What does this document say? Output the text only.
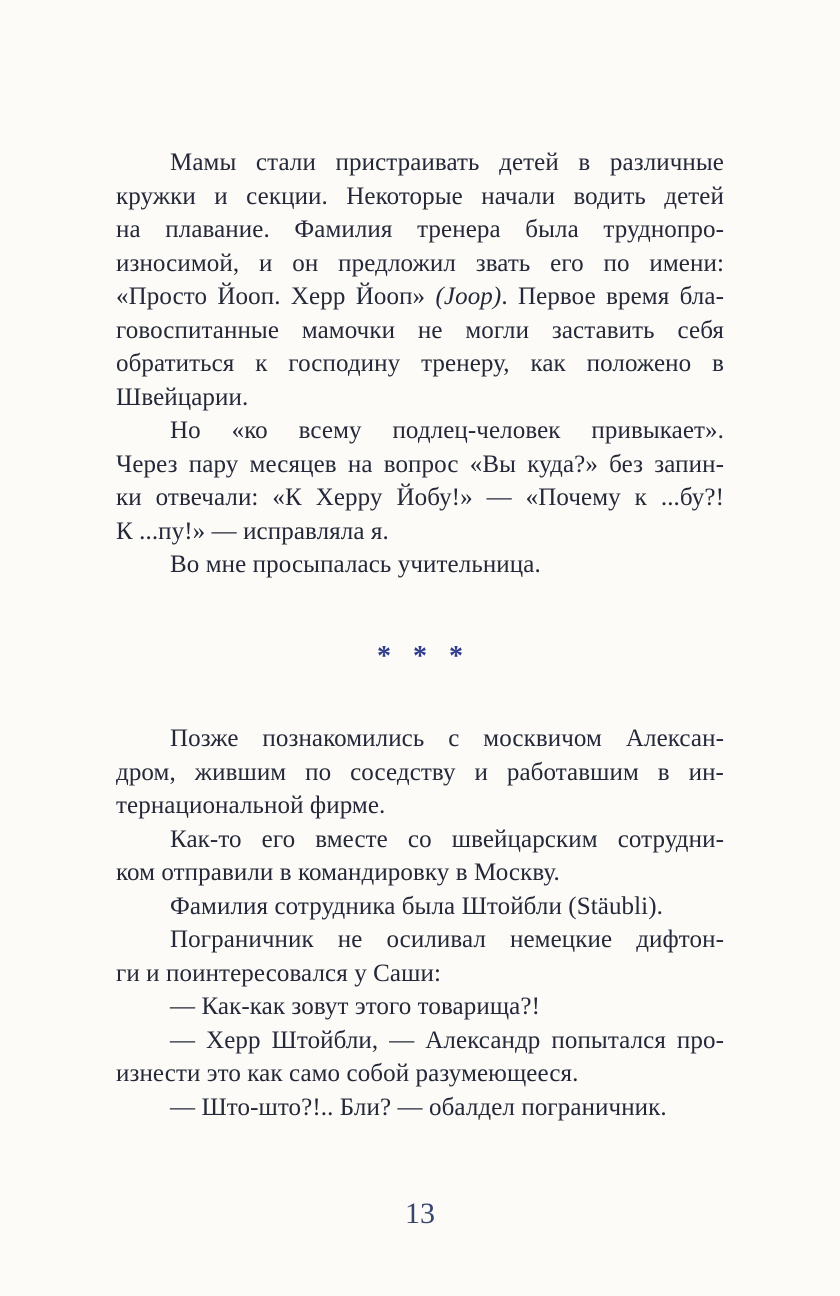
Мамы стали пристраивать детей в различные
кружки и секции. Некоторые начали водить детей
на плавание. Фамилия тренера была труднопро-
износимой, и он предложил звать его по имени:
«Просто Йооп. Херр Йооп» (Joop). Первое время бла-
говоспитанные мамочки не могли заставить себя
обратиться к господину тренеру, как положено в
Швейцарии.
Но «ко всему подлец-человек привыкает».
Через пару месяцев на вопрос «Вы куда?» без запин-
ки отвечали: «К Херру Йобу!» — «Почему к ...бу?!
К ...пу!» — исправляла я.
Во мне просыпалась учительница.
* * *
Позже познакомились с москвичом Алексан-
дром, жившим по соседству и работавшим в ин-
тернациональной фирме.
Как-то его вместе со швейцарским сотрудни-
ком отправили в командировку в Москву.
Фамилия сотрудника была Штойбли (Stäubli).
Пограничник не осиливал немецкие дифтон-
ги и поинтересовался у Саши:
— Как-как зовут этого товарища?!
— Херр Штойбли, — Александр попытался про-
изнести это как само собой разумеющееся.
— Што-што?!.. Бли? — обалдел пограничник.
13
